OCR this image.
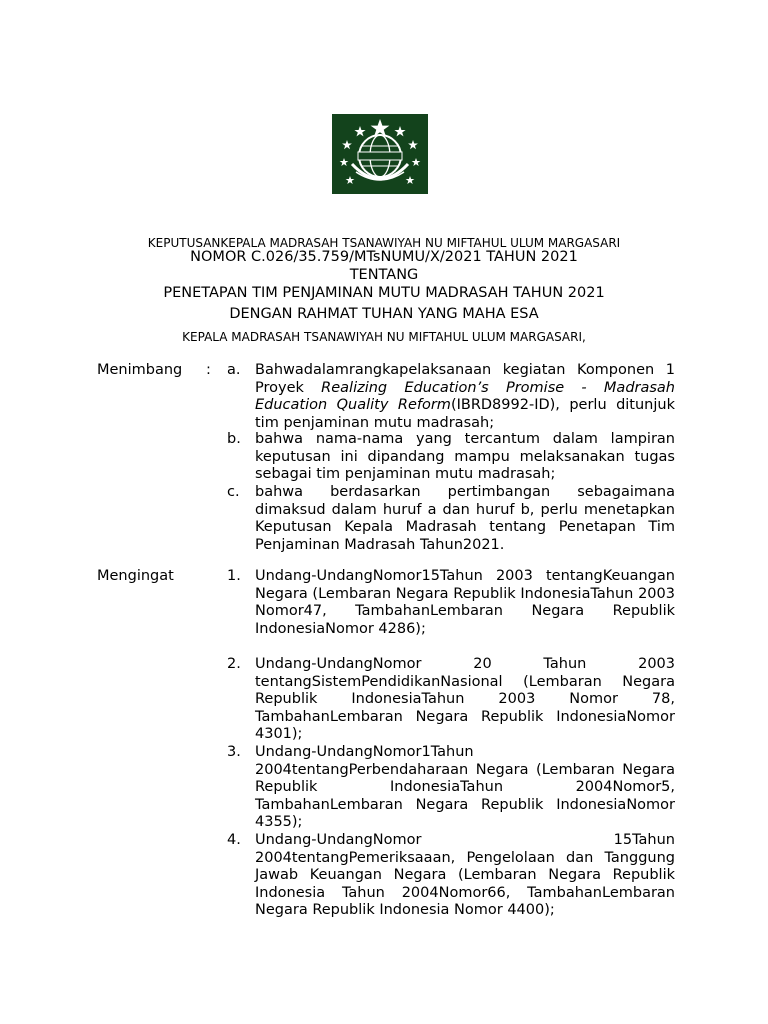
KEPUTUSANKEPALA MADRASAH TSANAWIYAH NU MIFTAHUL ULUM MARGASARI
NOMOR C.026/35.759/MTsNUMU/X/2021 TAHUN 2021
TENTANG
PENETAPAN TIM PENJAMINAN MUTU MADRASAH TAHUN 2021
DENGAN RAHMAT TUHAN YANG MAHA ESA
KEPALA MADRASAH TSANAWIYAH NU MIFTAHUL ULUM MARGASARI,
Menimbang : a. Bahwadalamrangkapelaksanaan kegiatan Komponen 1 Proyek Realizing Education’s Promise - Madrasah Education Quality Reform(IBRD8992-ID), perlu ditunjuk tim penjaminan mutu madrasah;
b. bahwa nama-nama yang tercantum dalam lampiran keputusan ini dipandang mampu melaksanakan tugas sebagai tim penjaminan mutu madrasah;
c. bahwa berdasarkan pertimbangan sebagaimana dimaksud dalam huruf a dan huruf b, perlu menetapkan Keputusan Kepala Madrasah tentang Penetapan Tim Penjaminan Madrasah Tahun2021.
Mengingat	1. Undang-UndangNomor15Tahun 2003 tentangKeuangan Negara (Lembaran Negara Republik IndonesiaTahun 2003 Nomor47, TambahanLembaran Negara Republik IndonesiaNomor 4286);
2. Undang-UndangNomor 20 Tahun 2003 tentangSistemPendidikanNasional (Lembaran Negara Republik IndonesiaTahun 2003 Nomor 78, TambahanLembaran Negara Republik IndonesiaNomor 4301);
3. Undang-UndangNomor1Tahun 2004tentangPerbendaharaan Negara (Lembaran Negara Republik IndonesiaTahun 2004Nomor5, TambahanLembaran Negara Republik IndonesiaNomor 4355);
4. Undang-UndangNomor 15Tahun 2004tentangPemeriksaaan, Pengelolaan dan Tanggung Jawab Keuangan Negara (Lembaran Negara Republik Indonesia Tahun 2004Nomor66, TambahanLembaran Negara Republik Indonesia Nomor 4400);
